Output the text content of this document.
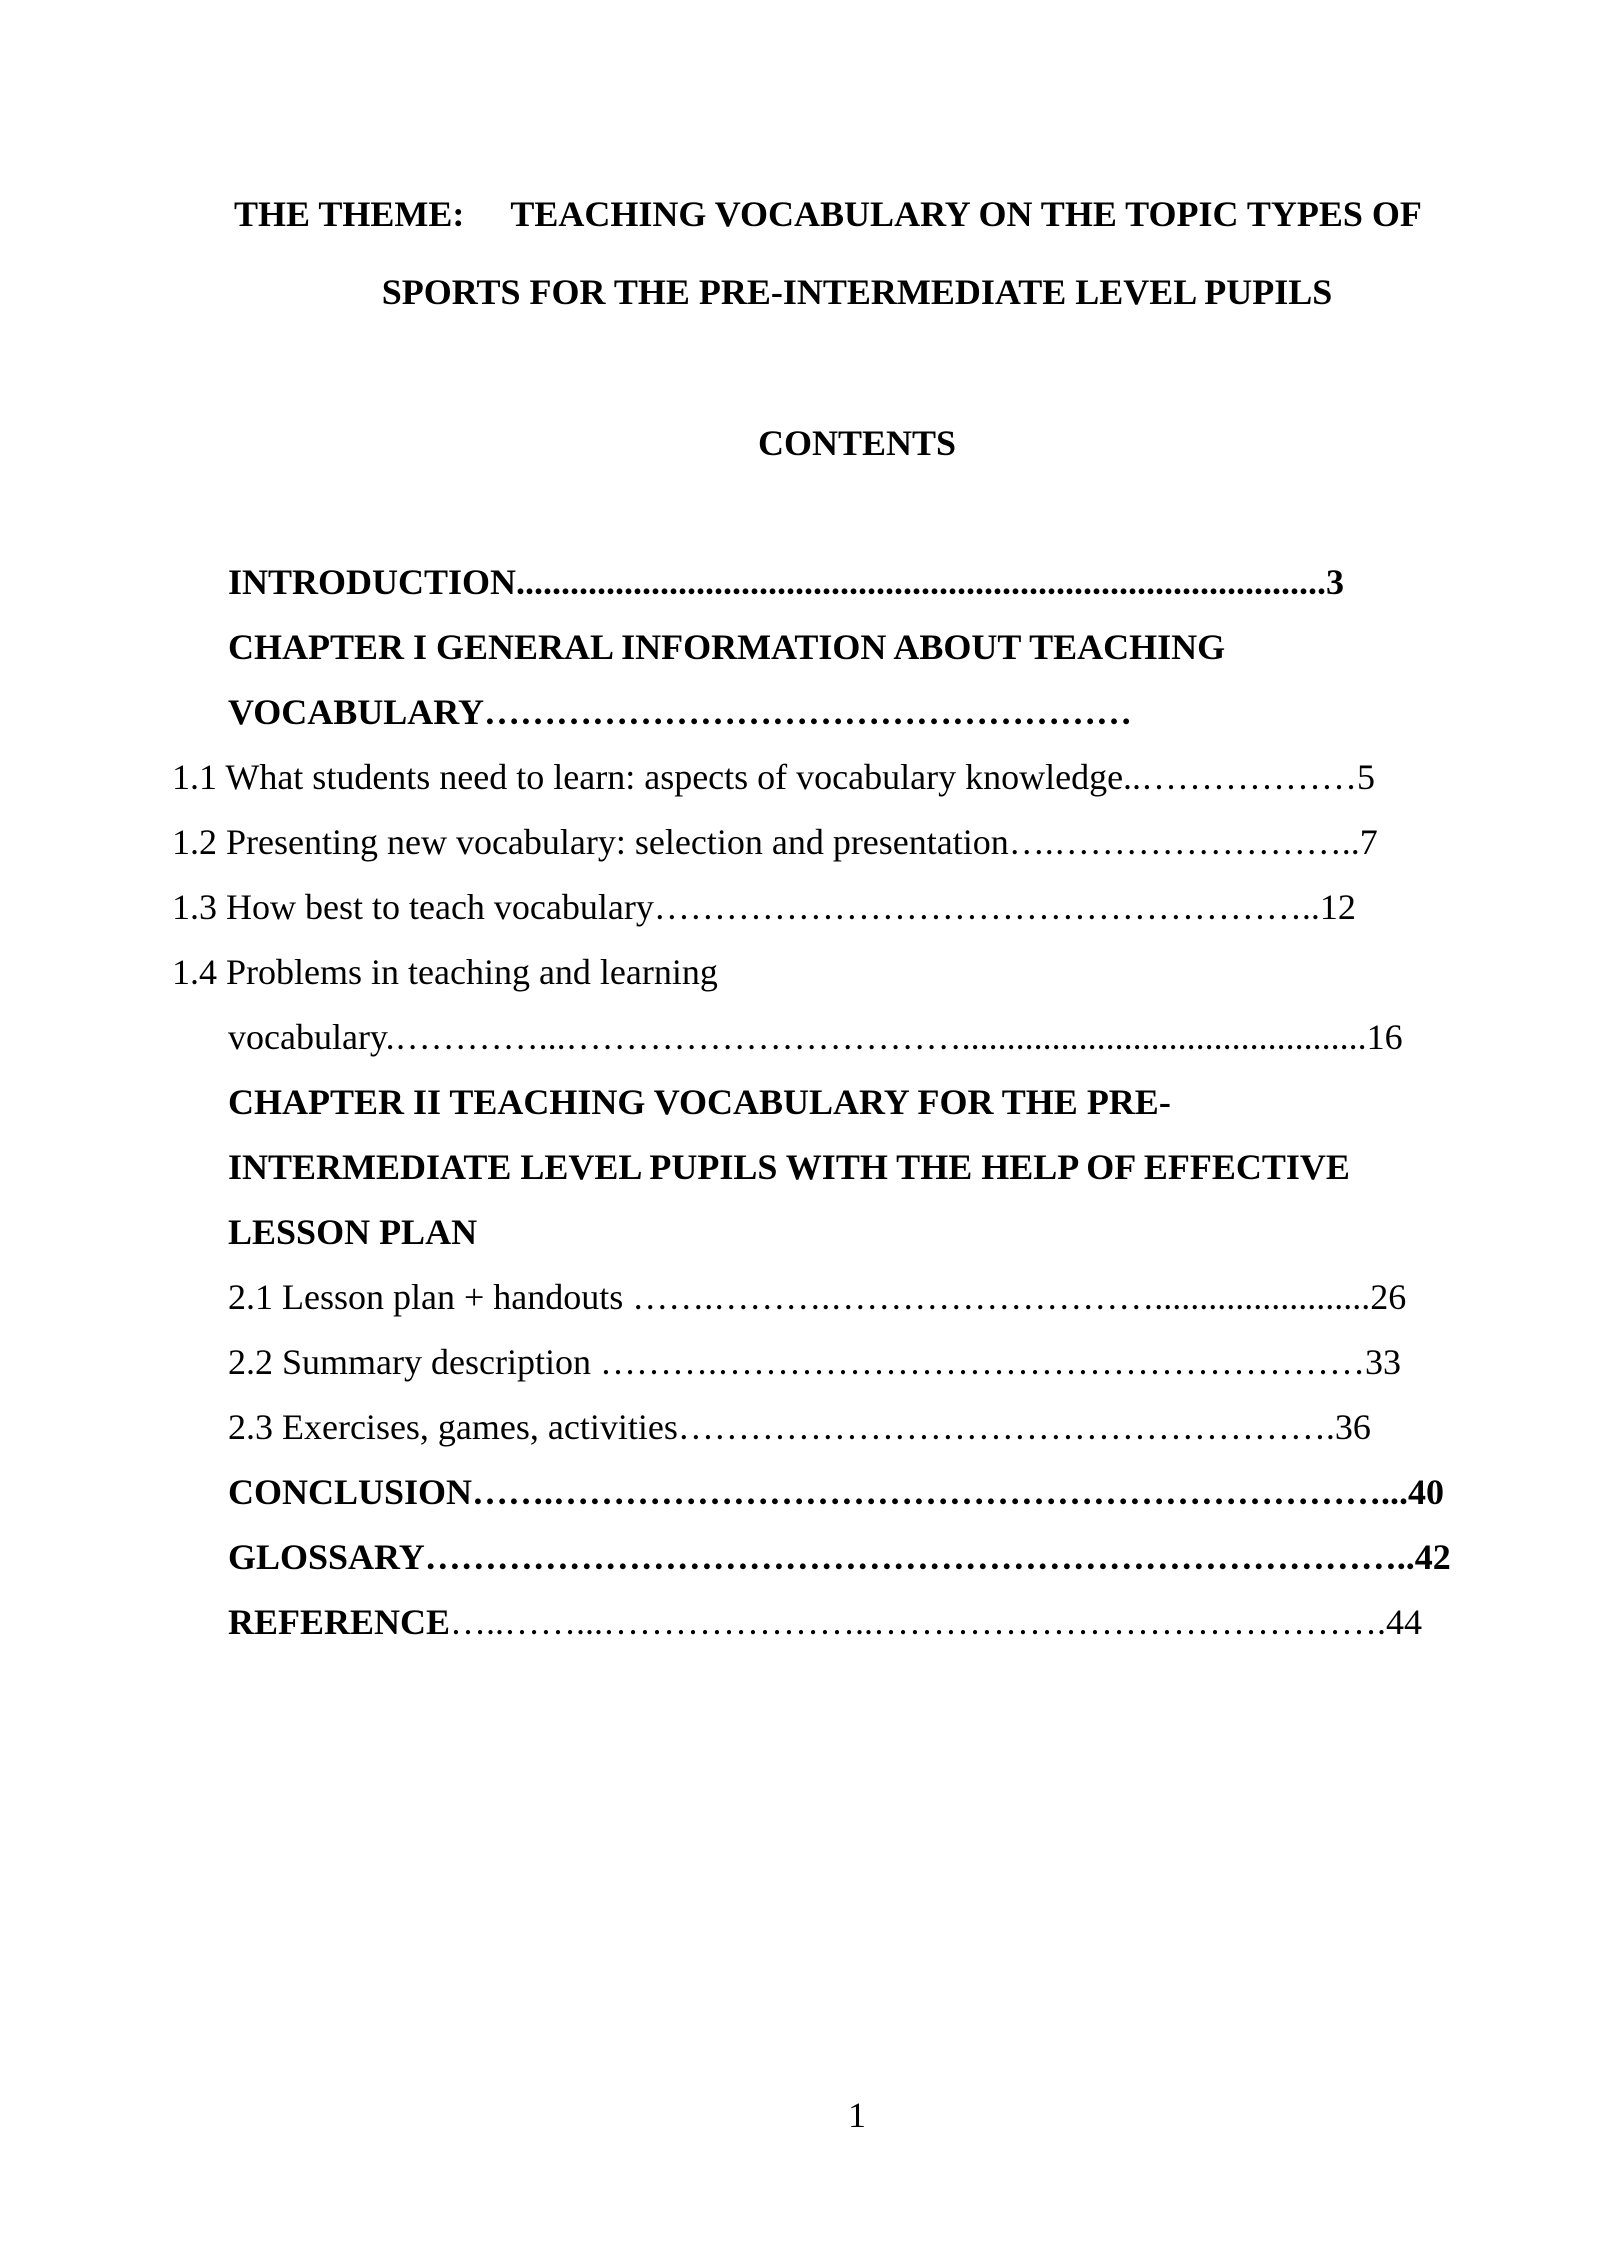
THE THEME: TEACHING VOCABULARY ON THE TOPIC TYPES OF
SPORTS FOR THE PRE-INTERMEDIATE LEVEL PUPILS
CONTENTS
INTRODUCTION..........................................................................................3
CHAPTER I GENERAL INFORMATION ABOUT TEACHING
VOCABULARY………………………………………………
1.1 What students need to learn: aspects of vocabulary knowledge..………………5
1.2 Presenting new vocabulary: selection and presentation….……………………..7
1.3 How best to teach vocabulary………………………………………………..12
1.4 Problems in teaching and learning
vocabulary.…………...…………………………….............................................16
CHAPTER II TEACHING VOCABULARY FOR THE PRE-
INTERMEDIATE LEVEL PUPILS WITH THE HELP OF EFFECTIVE
LESSON PLAN
2.1 Lesson plan + handouts …….……….………………………........................26
2.2 Summary description ……….………………………………………………33
2.3 Exercises, games, activities……………………………………………….36
CONCLUSION…….……………………………………………………………...40
GLOSSARY………………………………………………………………………..42
REFERENCE…..……...…………………..…………………………………….44
1
